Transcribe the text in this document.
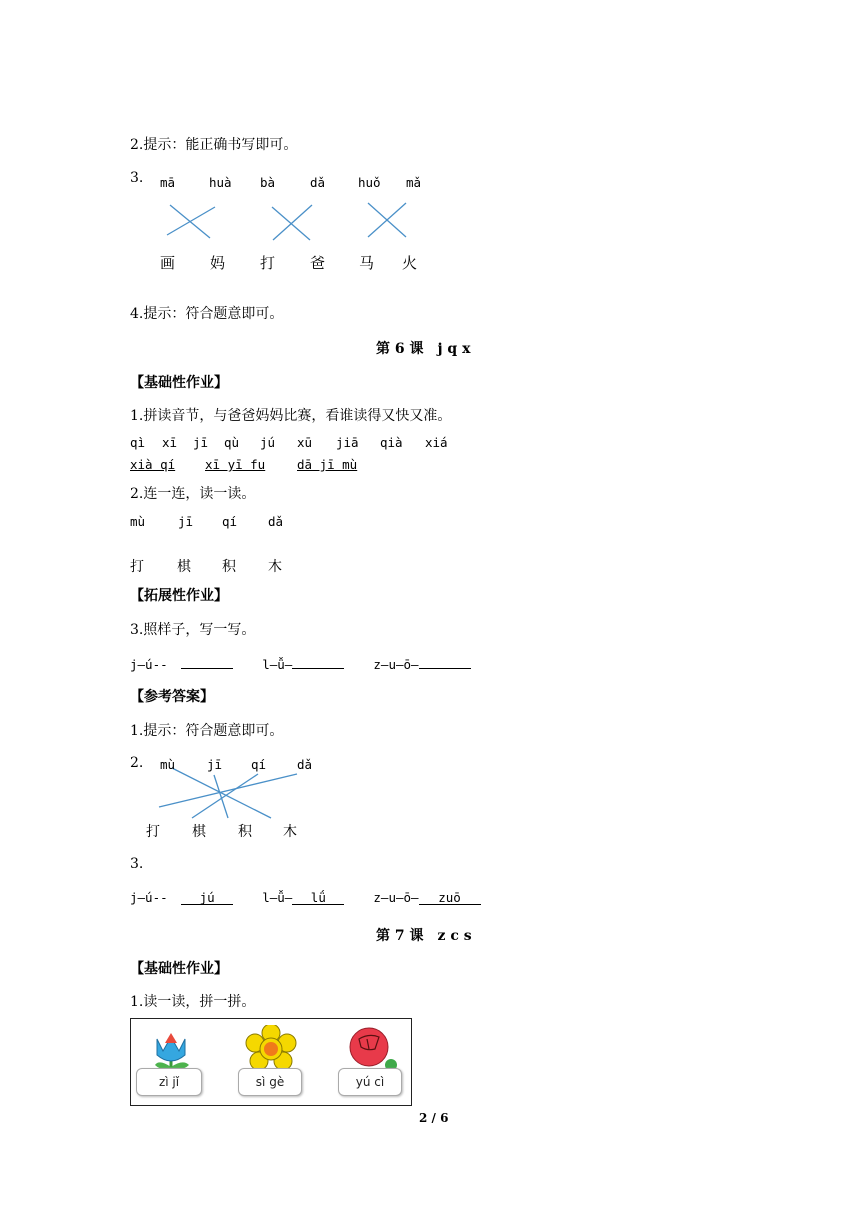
2.提示：能正确书写即可。
3. mā	huà bà	dǎ	huǒ mǎ
画 妈 打 爸 马 火
4.提示：符合题意即可。
第 6 课　j q x
【基础性作业】
1.拼读音节，与爸爸妈妈比赛，看谁读得又快又准。
qì xī jī qù jú xū jiā qià xiá
xià qí xī yī fu	dā jī mù
2.连一连，读一读。
mù	jī qí dǎ
打 棋 积 木
【拓展性作业】
3.照样子，写一写。
j—ú--	l—ǚ—	z—u—ō—
【参考答案】
1.提示：符合题意即可。
2. mù	jī qí dǎ
打 棋 积 木
3.
j—ú-- jú	l—ǚ— lǘ	z—u—ō— zuō
第 7 课　z c s
【基础性作业】
1.读一读，拼一拼。
zì jǐ	sì gè	yú cì
2 / 6
